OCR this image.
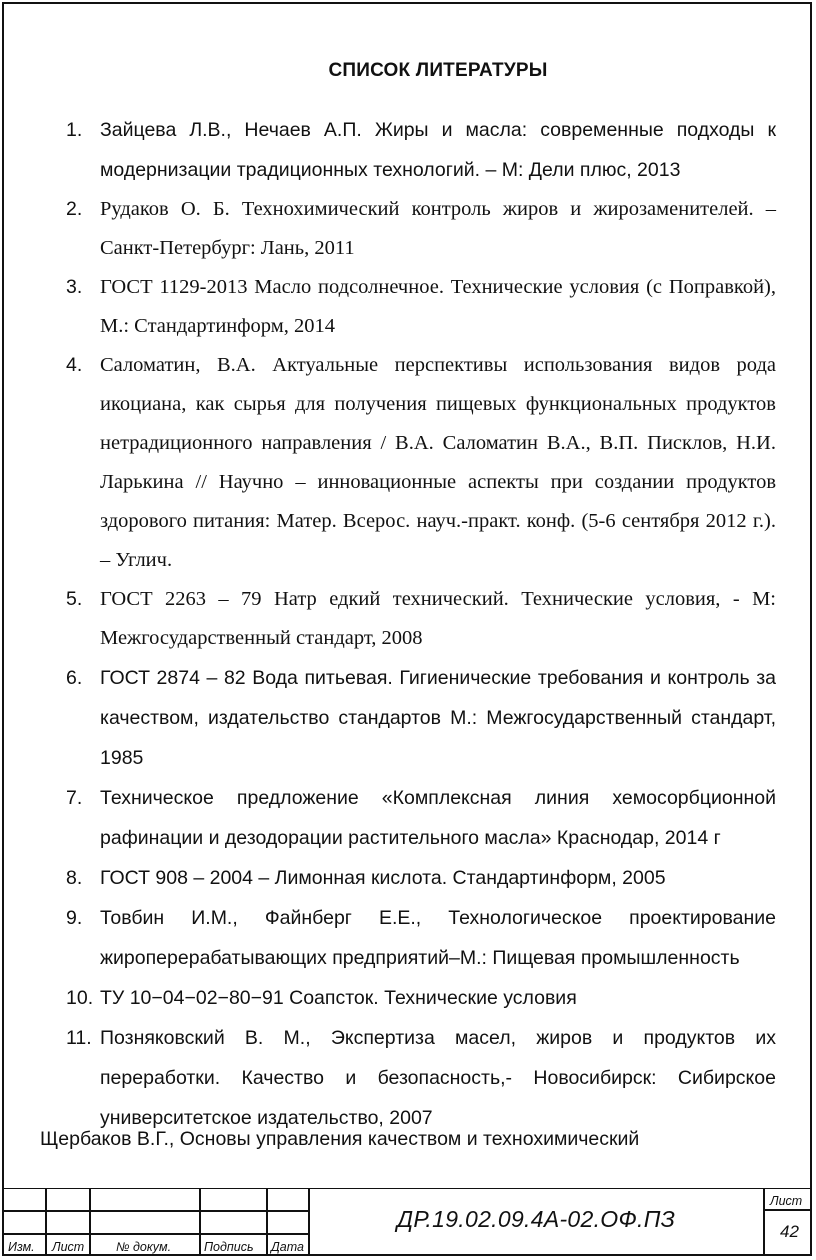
СПИСОК ЛИТЕРАТУРЫ
1. Зайцева Л.В., Нечаев А.П. Жиры и масла: современные подходы к модернизации традиционных технологий. – М: Дели плюс, 2013
2. Рудаков О. Б. Технохимический контроль жиров и жирозаменителей. – Санкт-Петербург: Лань, 2011
3. ГОСТ 1129-2013 Масло подсолнечное. Технические условия (с Поправкой), М.: Стандартинформ, 2014
4. Саломатин, В.А. Актуальные перспективы использования видов рода икоциана, как сырья для получения пищевых функциональных продуктов нетрадиционного направления / В.А. Саломатин В.А., В.П. Писклов, Н.И. Ларькина // Научно – инновационные аспекты при создании продуктов здорового питания: Матер. Всерос. науч.-практ. конф. (5-6 сентября 2012 г.). – Углич.
5. ГОСТ 2263 – 79 Натр едкий технический. Технические условия, - М: Межгосударственный стандарт, 2008
6. ГОСТ 2874 – 82 Вода питьевая. Гигиенические требования и контроль за качеством, издательство стандартов М.: Межгосударственный стандарт, 1985
7. Техническое предложение «Комплексная линия хемосорбционной рафинации и дезодорации растительного масла» Краснодар, 2014 г
8. ГОСТ 908 – 2004 – Лимонная кислота. Стандартинформ, 2005
9. Товбин И.М., Файнберг Е.Е., Технологическое проектирование жироперерабатывающих предприятий–М.: Пищевая промышленность
10. ТУ 10−04−02−80−91 Соапсток. Технические условия
11. Позняковский В. М., Экспертиза масел, жиров и продуктов их переработки. Качество и безопасность,- Новосибирск: Сибирское университетское издательство, 2007
Щербаков В.Г., Основы управления качеством и технохимический
Изм. Лист	№ докум.	Подпись Дата
ДР.19.02.09.4А-02.ОФ.ПЗ
Лист
42
